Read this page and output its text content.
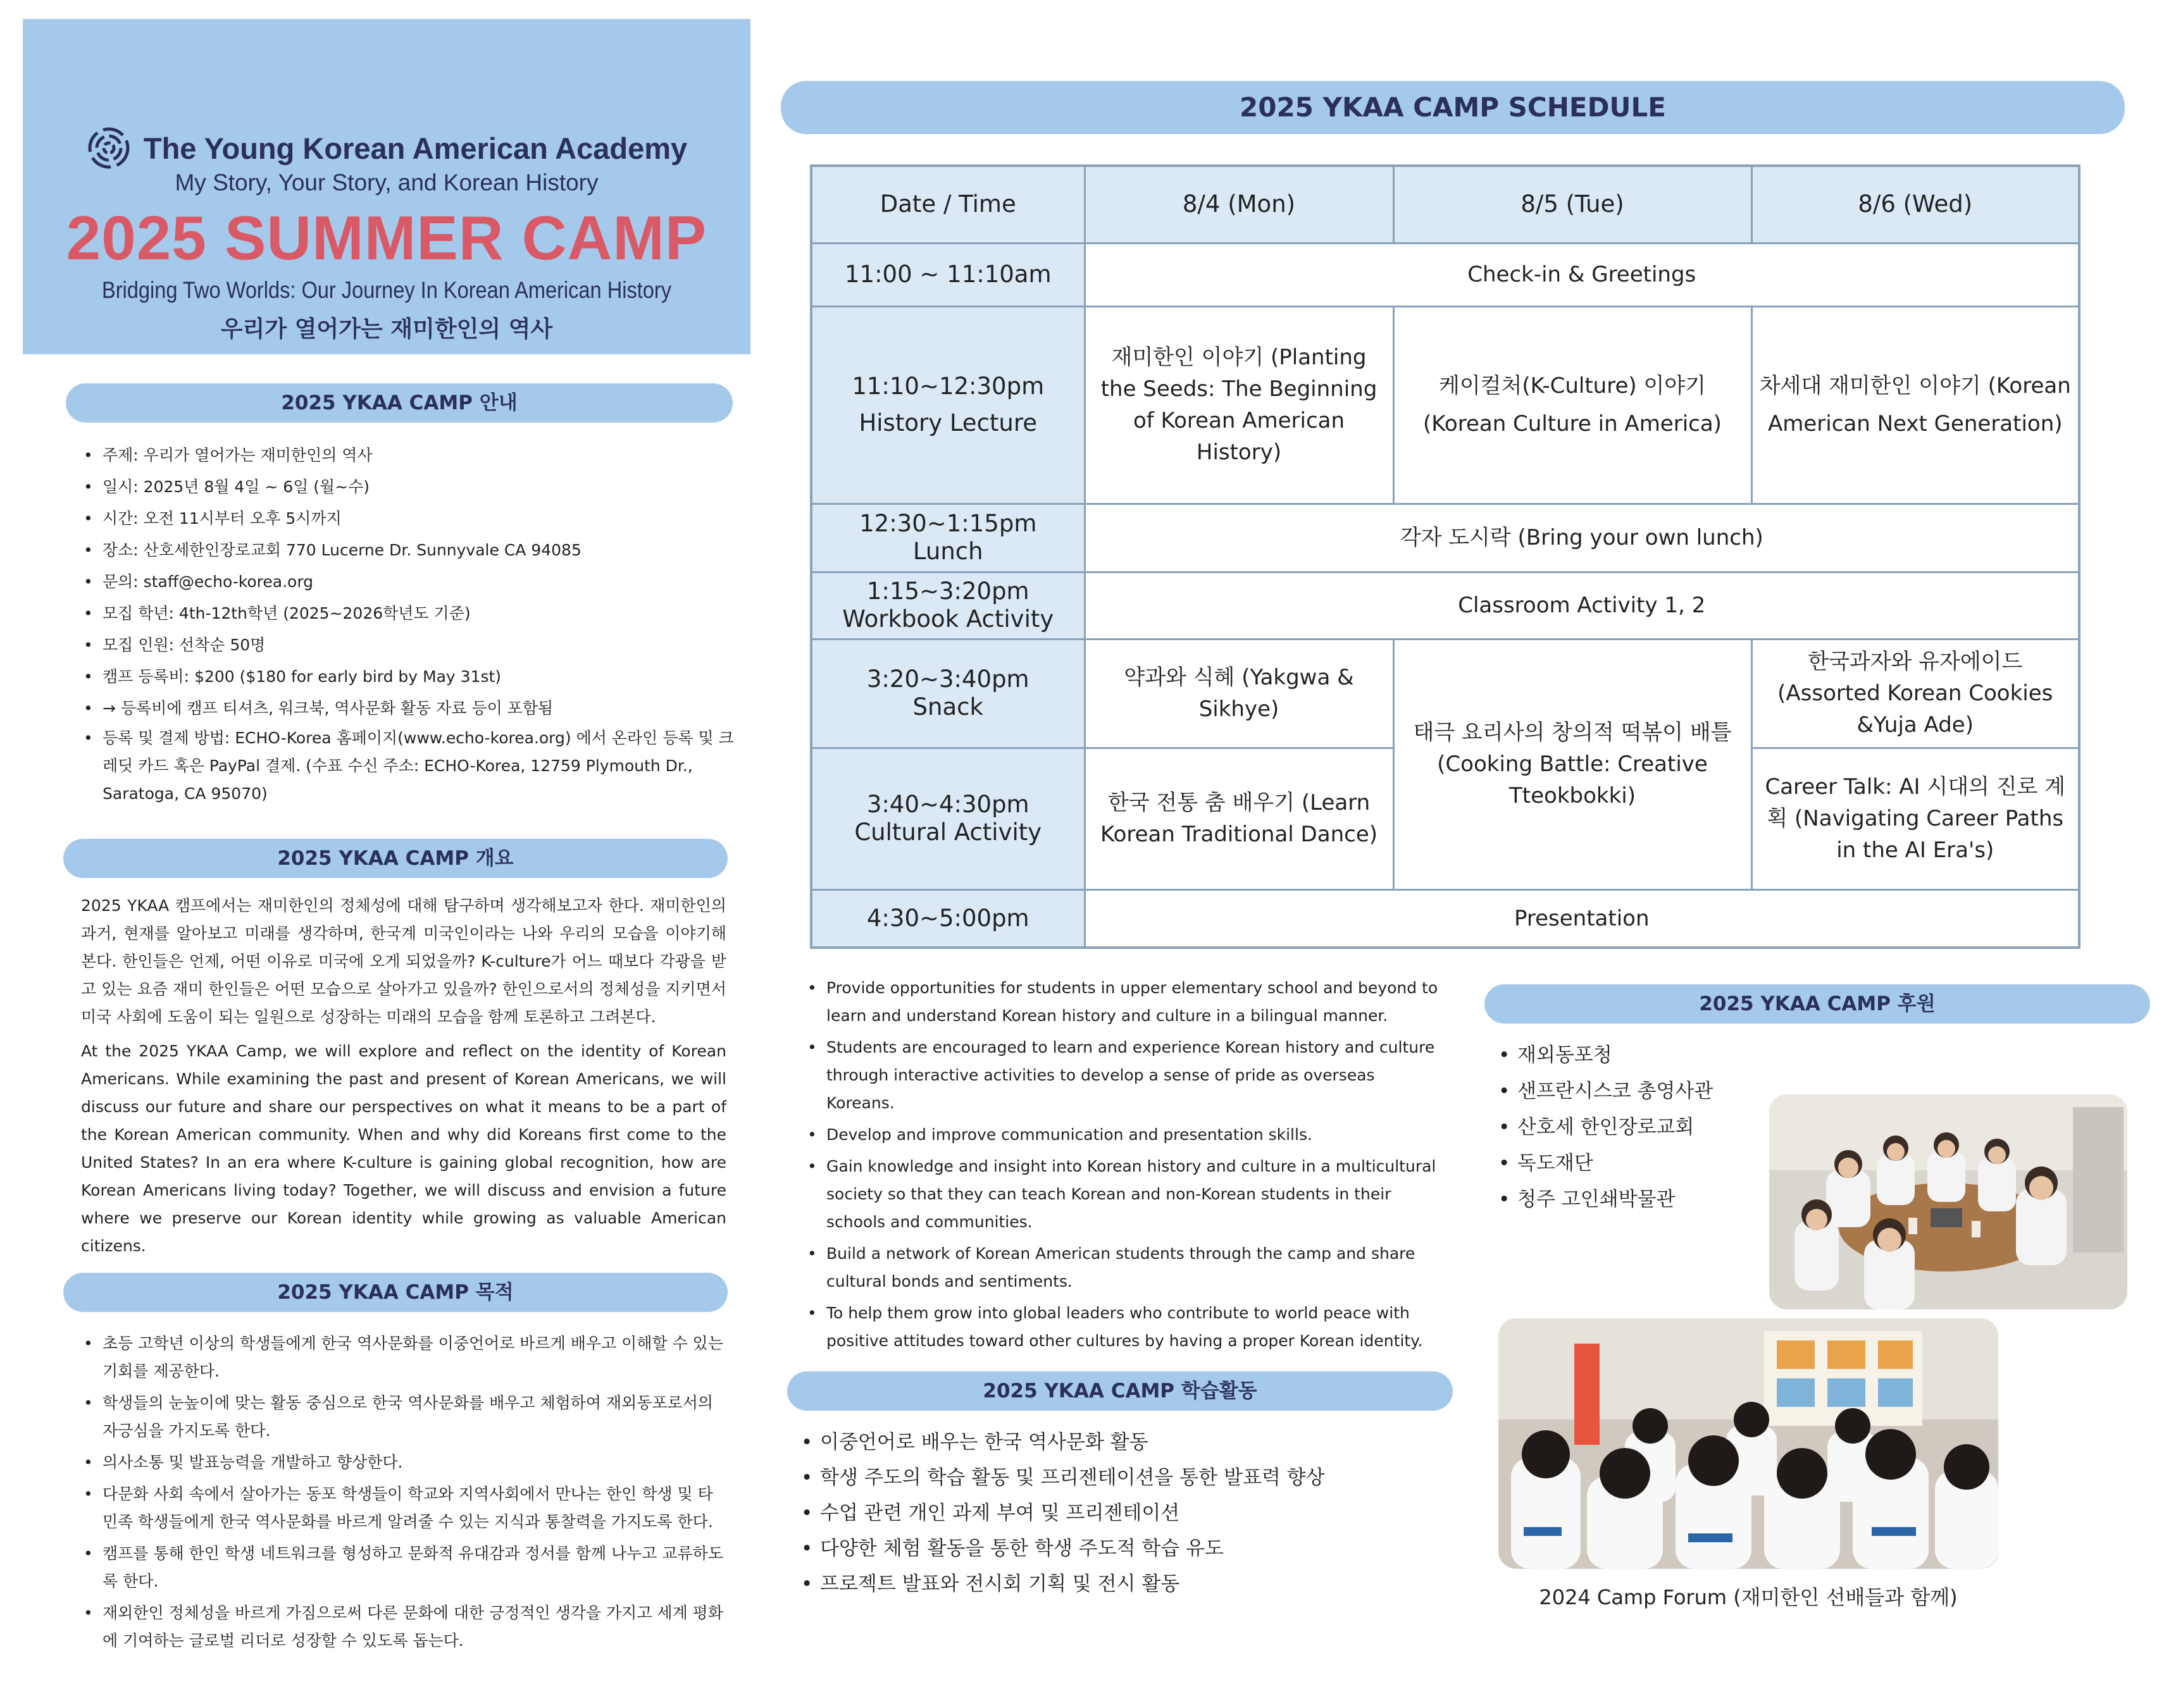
The Young Korean American Academy
My Story, Your Story, and Korean History
2025 SUMMER CAMP
Bridging Two Worlds: Our Journey In Korean American History
우리가 열어가는 재미한인의 역사
2025 YKAA CAMP 안내
• 주제: 우리가 열어가는 재미한인의 역사
• 일시: 2025년 8월 4일 ~ 6일 (월~수)
• 시간: 오전 11시부터 오후 5시까지
• 장소: 산호세한인장로교회 770 Lucerne Dr. Sunnyvale CA 94085
• 문의: staff@echo-korea.org
• 모집 학년: 4th-12th학년 (2025~2026학년도 기준)
• 모집 인원: 선착순 50명
• 캠프 등록비: $200 ($180 for early bird by May 31st)
• → 등록비에 캠프 티셔츠, 워크북, 역사문화 활동 자료 등이 포함됨
• 등록 및 결제 방법: ECHO-Korea 홈페이지(www.echo-korea.org) 에서 온라인 등록 및 크레딧 카드 혹은 PayPal 결제. (수표 수신 주소: ECHO-Korea, 12759 Plymouth Dr., Saratoga, CA 95070)
2025 YKAA CAMP 개요
2025 YKAA 캠프에서는 재미한인의 정체성에 대해 탐구하며 생각해보고자 한다. 재미한인의 과거, 현재를 알아보고 미래를 생각하며, 한국계 미국인이라는 나와 우리의 모습을 이야기해 본다. 한인들은 언제, 어떤 이유로 미국에 오게 되었을까? K-culture가 어느 때보다 각광을 받고 있는 요즘 재미 한인들은 어떤 모습으로 살아가고 있을까? 한인으로서의 정체성을 지키면서 미국 사회에 도움이 되는 일원으로 성장하는 미래의 모습을 함께 토론하고 그려본다.
At the 2025 YKAA Camp, we will explore and reflect on the identity of Korean Americans. While examining the past and present of Korean Americans, we will discuss our future and share our perspectives on what it means to be a part of the Korean American community. When and why did Koreans first come to the United States? In an era where K-culture is gaining global recognition, how are Korean Americans living today? Together, we will discuss and envision a future where we preserve our Korean identity while growing as valuable American citizens.
2025 YKAA CAMP 목적
• 초등 고학년 이상의 학생들에게 한국 역사문화를 이중언어로 바르게 배우고 이해할 수 있는 기회를 제공한다.
• 학생들의 눈높이에 맞는 활동 중심으로 한국 역사문화를 배우고 체험하여 재외동포로서의 자긍심을 가지도록 한다.
• 의사소통 및 발표능력을 개발하고 향상한다.
• 다문화 사회 속에서 살아가는 동포 학생들이 학교와 지역사회에서 만나는 한인 학생 및 타민족 학생들에게 한국 역사문화를 바르게 알려줄 수 있는 지식과 통찰력을 가지도록 한다.
• 캠프를 통해 한인 학생 네트워크를 형성하고 문화적 유대감과 정서를 함께 나누고 교류하도록 한다.
• 재외한인 정체성을 바르게 가짐으로써 다른 문화에 대한 긍정적인 생각을 가지고 세계 평화에 기여하는 글로벌 리더로 성장할 수 있도록 돕는다.
2025 YKAA CAMP SCHEDULE
Date / Time	8/4 (Mon)	8/5 (Tue)	8/6 (Wed)
11:00 ~ 11:10am	Check-in & Greetings		

11:10~12:30pm
History Lecture	재미한인 이야기 (Planting the Seeds: The Beginning of Korean American History)	케이컬처(K-Culture) 이야기 (Korean Culture in America)	차세대 재미한인 이야기 (Korean American Next Generation)

12:30~1:15pm
Lunch	각자 도시락 (Bring your own lunch)		

1:15~3:20pm
Workbook Activity	Classroom Activity 1, 2		

3:20~3:40pm
Snack	약과와 식혜 (Yakgwa & Sikhye)	태극 요리사의 창의적 떡볶이 배틀 (Cooking Battle: Creative Tteokbokki)	한국과자와 유자에이드 (Assorted Korean Cookies &Yuja Ade)

3:40~4:30pm
Cultural Activity	한국 전통 춤 배우기 (Learn Korean Traditional Dance)		Career Talk: AI 시대의 진로 계획 (Navigating Career Paths in the AI Era's)
4:30~5:00pm	Presentation		
• Provide opportunities for students in upper elementary school and beyond to learn and understand Korean history and culture in a bilingual manner.
• Students are encouraged to learn and experience Korean history and culture through interactive activities to develop a sense of pride as overseas Koreans.
• Develop and improve communication and presentation skills.
• Gain knowledge and insight into Korean history and culture in a multicultural society so that they can teach Korean and non-Korean students in their schools and communities.
• Build a network of Korean American students through the camp and share cultural bonds and sentiments.
• To help them grow into global leaders who contribute to world peace with positive attitudes toward other cultures by having a proper Korean identity.
2025 YKAA CAMP 학습활동
• 이중언어로 배우는 한국 역사문화 활동
• 학생 주도의 학습 활동 및 프리젠테이션을 통한 발표력 향상
• 수업 관련 개인 과제 부여 및 프리젠테이션
• 다양한 체험 활동을 통한 학생 주도적 학습 유도
• 프로젝트 발표와 전시회 기획 및 전시 활동
2025 YKAA CAMP 후원
• 재외동포청
• 샌프란시스코 총영사관
• 산호세 한인장로교회
• 독도재단
• 청주 고인쇄박물관
2024 Camp Forum (재미한인 선배들과 함께)
